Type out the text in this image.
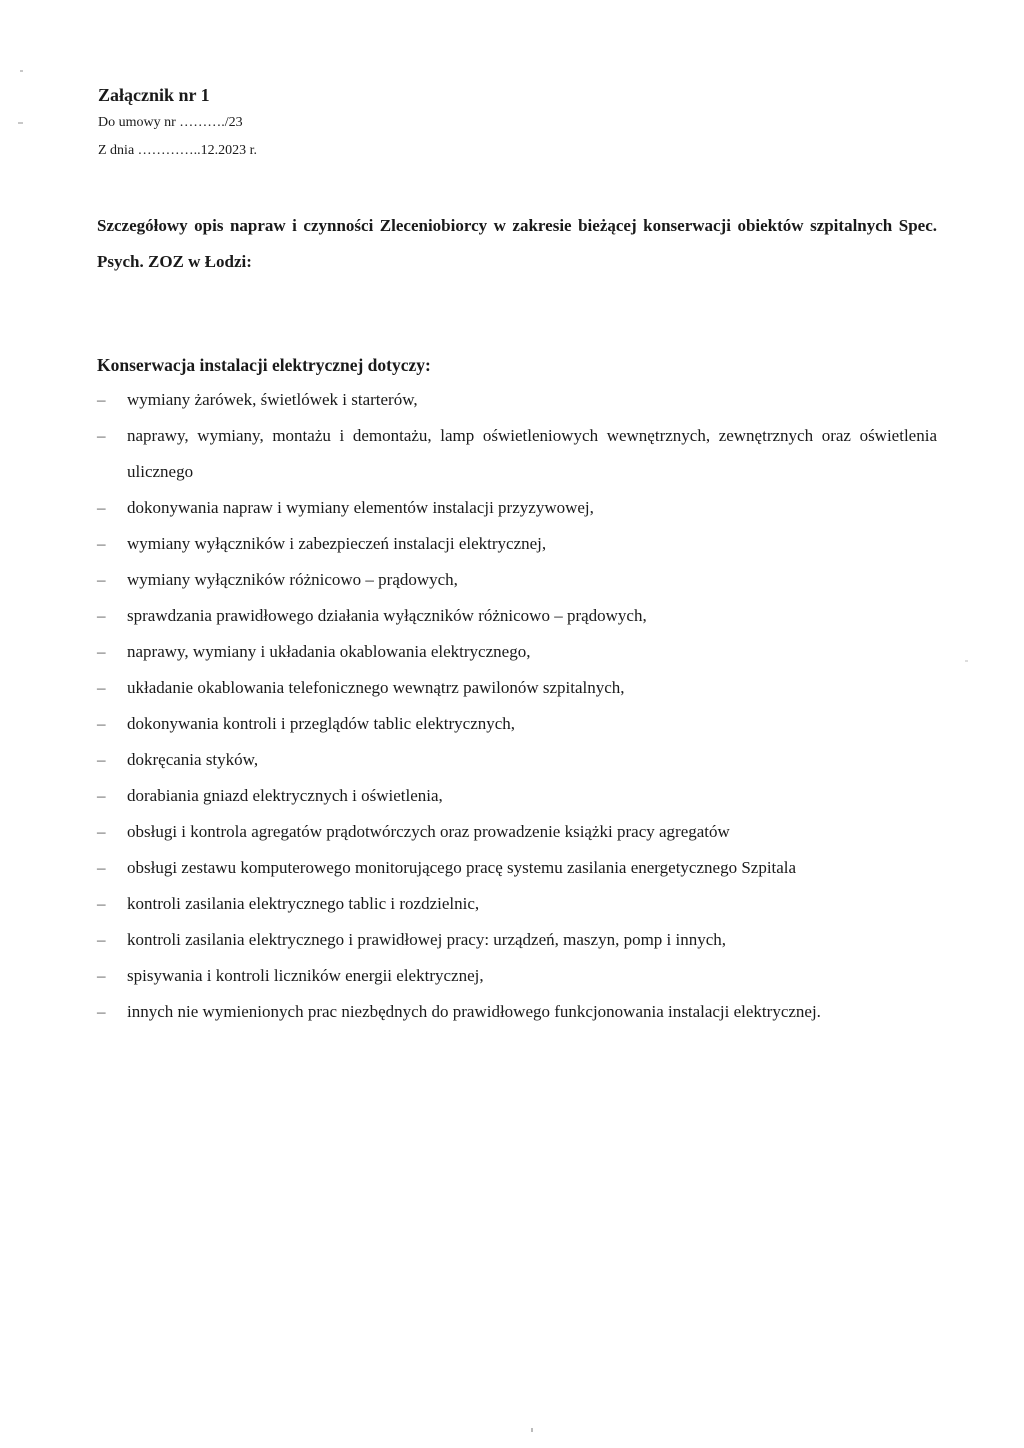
Załącznik nr 1

Do umowy nr ………./23

Z dnia …………..12.2023 r.

Szczegółowy opis napraw i czynności Zleceniobiorcy w zakresie bieżącej konserwacji obiektów szpitalnych Spec. Psych. ZOZ w Łodzi:

Konserwacja instalacji elektrycznej dotyczy:

–	wymiany żarówek, świetlówek i starterów,
–	naprawy, wymiany, montażu i demontażu, lamp oświetleniowych wewnętrznych, zewnętrznych oraz oświetlenia ulicznego
–	dokonywania napraw i wymiany elementów instalacji przyzywowej,
–	wymiany wyłączników i zabezpieczeń instalacji elektrycznej,
–	wymiany wyłączników różnicowo – prądowych,
–	sprawdzania prawidłowego działania wyłączników różnicowo – prądowych,
–	naprawy, wymiany i układania okablowania elektrycznego,
–	układanie okablowania telefonicznego wewnątrz pawilonów szpitalnych,
–	dokonywania kontroli i przeglądów tablic elektrycznych,
–	dokręcania styków,
–	dorabiania gniazd elektrycznych i oświetlenia,
–	obsługi i kontrola agregatów prądotwórczych oraz prowadzenie książki pracy agregatów
–	obsługi zestawu komputerowego monitorującego pracę systemu zasilania energetycznego Szpitala
–	kontroli zasilania elektrycznego tablic i rozdzielnic,
–	kontroli zasilania elektrycznego i prawidłowej pracy: urządzeń, maszyn, pomp i innych,
–	spisywania i kontroli liczników energii elektrycznej,
–	innych nie wymienionych prac niezbędnych do prawidłowego funkcjonowania instalacji elektrycznej.
